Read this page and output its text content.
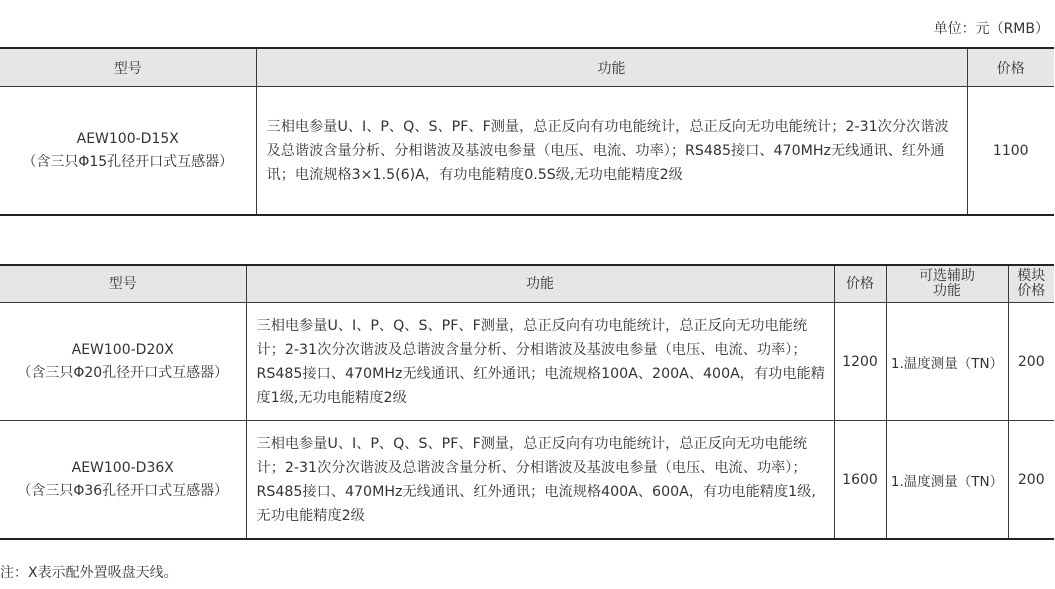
单位：元（RMB）
型号	功能	价格

AEW100-D15X
（含三只Φ15孔径开口式互感器）	三相电参量U、I、P、Q、S、PF、F测量，总正反向有功电能统计，总正反向无功电能统计；2-31次分次谐波及总谐波含量分析、分相谐波及基波电参量（电压、电流、功率）；RS485接口、470MHz无线通讯、红外通讯；电流规格3×1.5(6)A，有功电能精度0.5S级,无功电能精度2级	1100
型号	功能	价格	可选辅助功能	模块价格

AEW100-D20X
（含三只Φ20孔径开口式互感器）	三相电参量U、I、P、Q、S、PF、F测量，总正反向有功电能统计，总正反向无功电能统计；2-31次分次谐波及总谐波含量分析、分相谐波及基波电参量（电压、电流、功率）；RS485接口、470MHz无线通讯、红外通讯；电流规格100A、200A、400A，有功电能精度1级,无功电能精度2级	1200	1.温度测量（TN）	200

AEW100-D36X
（含三只Φ36孔径开口式互感器）	三相电参量U、I、P、Q、S、PF、F测量，总正反向有功电能统计，总正反向无功电能统计；2-31次分次谐波及总谐波含量分析、分相谐波及基波电参量（电压、电流、功率）；RS485接口、470MHz无线通讯、红外通讯；电流规格400A、600A，有功电能精度1级,无功电能精度2级	1600	1.温度测量（TN）	200
注：X表示配外置吸盘天线。
